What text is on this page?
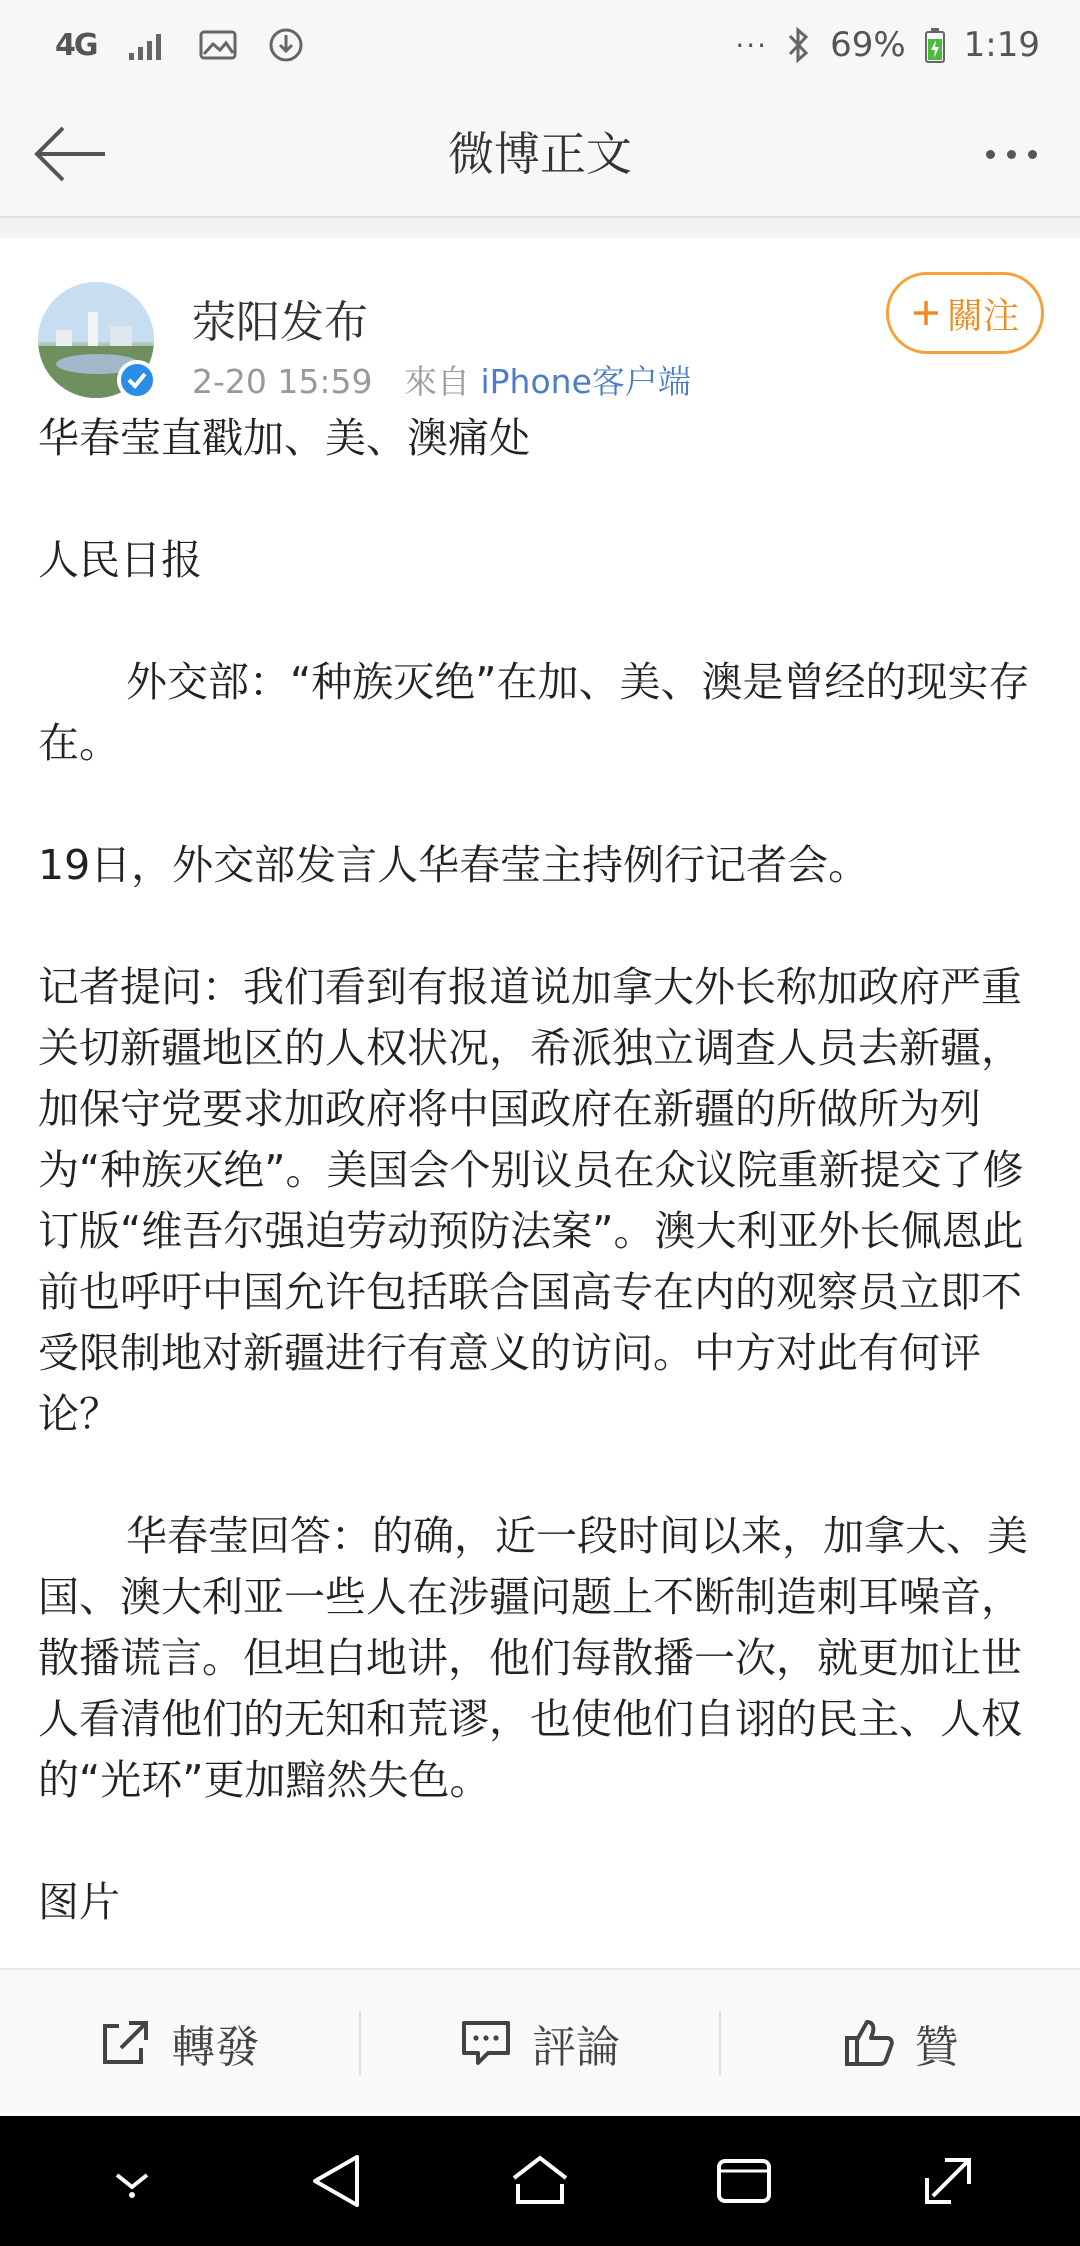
4G	··· 69% 1:19
微博正文
荥阳发布
2-20 15:59 來自 iPhone客户端
關注

华春莹直戳加、美、澳痛处

人民日报

外交部：“种族灭绝”在加、美、澳是曾经的现实存在。

19日，外交部发言人华春莹主持例行记者会。

记者提问：我们看到有报道说加拿大外长称加政府严重关切新疆地区的人权状况，希派独立调查人员去新疆，加保守党要求加政府将中国政府在新疆的所做所为列为“种族灭绝”。美国会个别议员在众议院重新提交了修订版“维吾尔强迫劳动预防法案”。澳大利亚外长佩恩此前也呼吁中国允许包括联合国高专在内的观察员立即不受限制地对新疆进行有意义的访问。中方对此有何评论？

华春莹回答：的确，近一段时间以来，加拿大、美国、澳大利亚一些人在涉疆问题上不断制造刺耳噪音，散播谎言。但坦白地讲，他们每散播一次，就更加让世人看清他们的无知和荒谬，也使他们自诩的民主、人权的“光环”更加黯然失色。

图片

轉發	評論	贊
